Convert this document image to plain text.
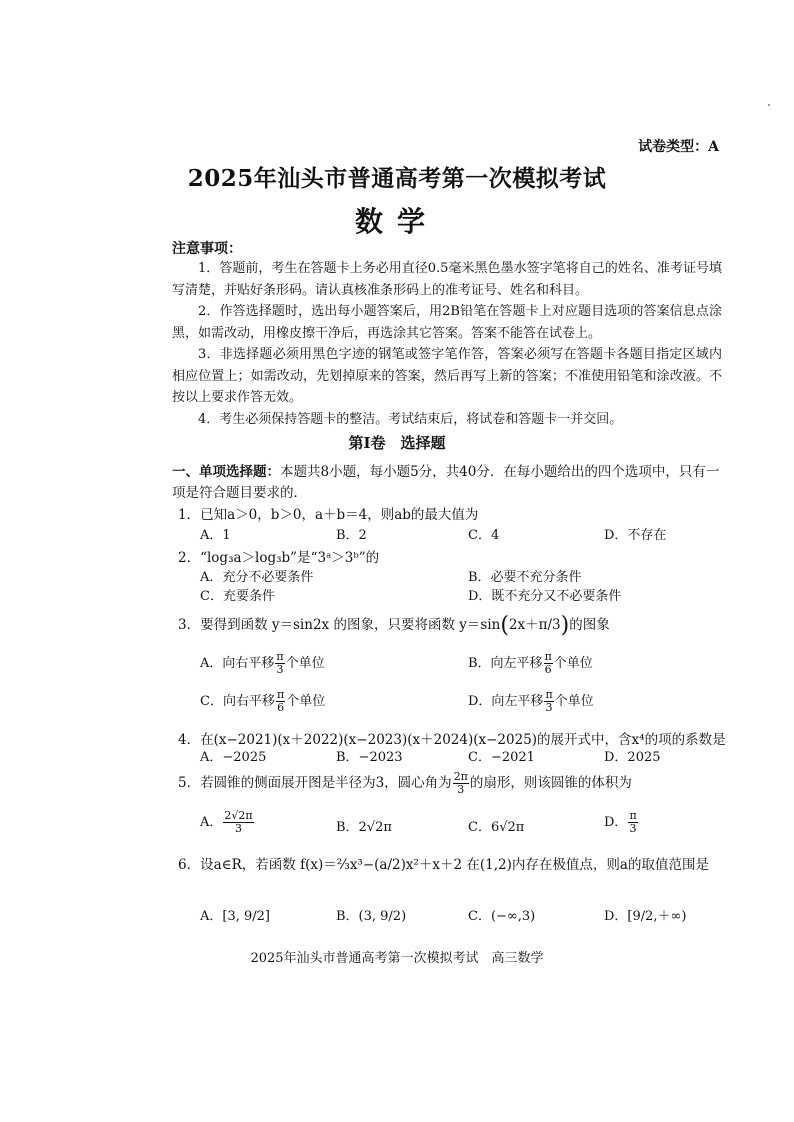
试卷类型：A
2025年汕头市普通高考第一次模拟考试
数学
注意事项：

1．答题前，考生在答题卡上务必用直径0.5毫米黑色墨水签字笔将自己的姓名、准考证号填写清楚，并贴好条形码。请认真核准条形码上的准考证号、姓名和科目。

2．作答选择题时，选出每小题答案后，用2B铅笔在答题卡上对应题目选项的答案信息点涂黑，如需改动，用橡皮擦干净后，再选涂其它答案。答案不能答在试卷上。

3．非选择题必须用黑色字迹的钢笔或签字笔作答，答案必须写在答题卡各题目指定区域内相应位置上；如需改动，先划掉原来的答案，然后再写上新的答案；不准使用铅笔和涂改液。不按以上要求作答无效。

4．考生必须保持答题卡的整洁。考试结束后，将试卷和答题卡一并交回。

第Ⅰ卷　选择题
一、单项选择题：本题共8小题，每小题5分，共40分．在每小题给出的四个选项中，只有一项是符合题目要求的．
1．已知a＞0，b＞0，a＋b＝4，则ab的最大值为
A．1	B．2	C．4	D．不存在
2．“log₃a＞log₃b”是“3ᵃ＞3ᵇ”的
A．充分不必要条件	B．必要不充分条件
C．充要条件	D．既不充分又不必要条件
3．要得到函数 y＝sin2x 的图象，只要将函数 y＝sin(2x＋π/3)的图象
A．向右平移 $\frac{\pi}{3}$ 个单位	B．向左平移 $\frac{\pi}{6}$ 个单位
C．向右平移 $\frac{\pi}{6}$ 个单位	D．向左平移 $\frac{\pi}{3}$ 个单位
4．在(x−2021)(x＋2022)(x−2023)(x＋2024)(x−2025)的展开式中，含x⁴的项的系数是
A．−2025	B．−2023	C．−2021	D．2025
5．若圆锥的侧面展开图是半径为3，圆心角为 $\frac{2\pi}{3}$ 的扇形，则该圆锥的体积为
A． $\frac{2√2\pi}{3}$	B．2√2π	C．6√2π	D． $\frac{\pi}{3}$
6．设a∈R，若函数 f(x)＝⅔x³−(a/2)x²＋x＋2 在(1,2)内存在极值点，则a的取值范围是
A．[3, 9/2]	B．(3, 9/2)	C．(−∞,3)	D．[9/2,＋∞)
2025年汕头市普通高考第一次模拟考试　高三数学
